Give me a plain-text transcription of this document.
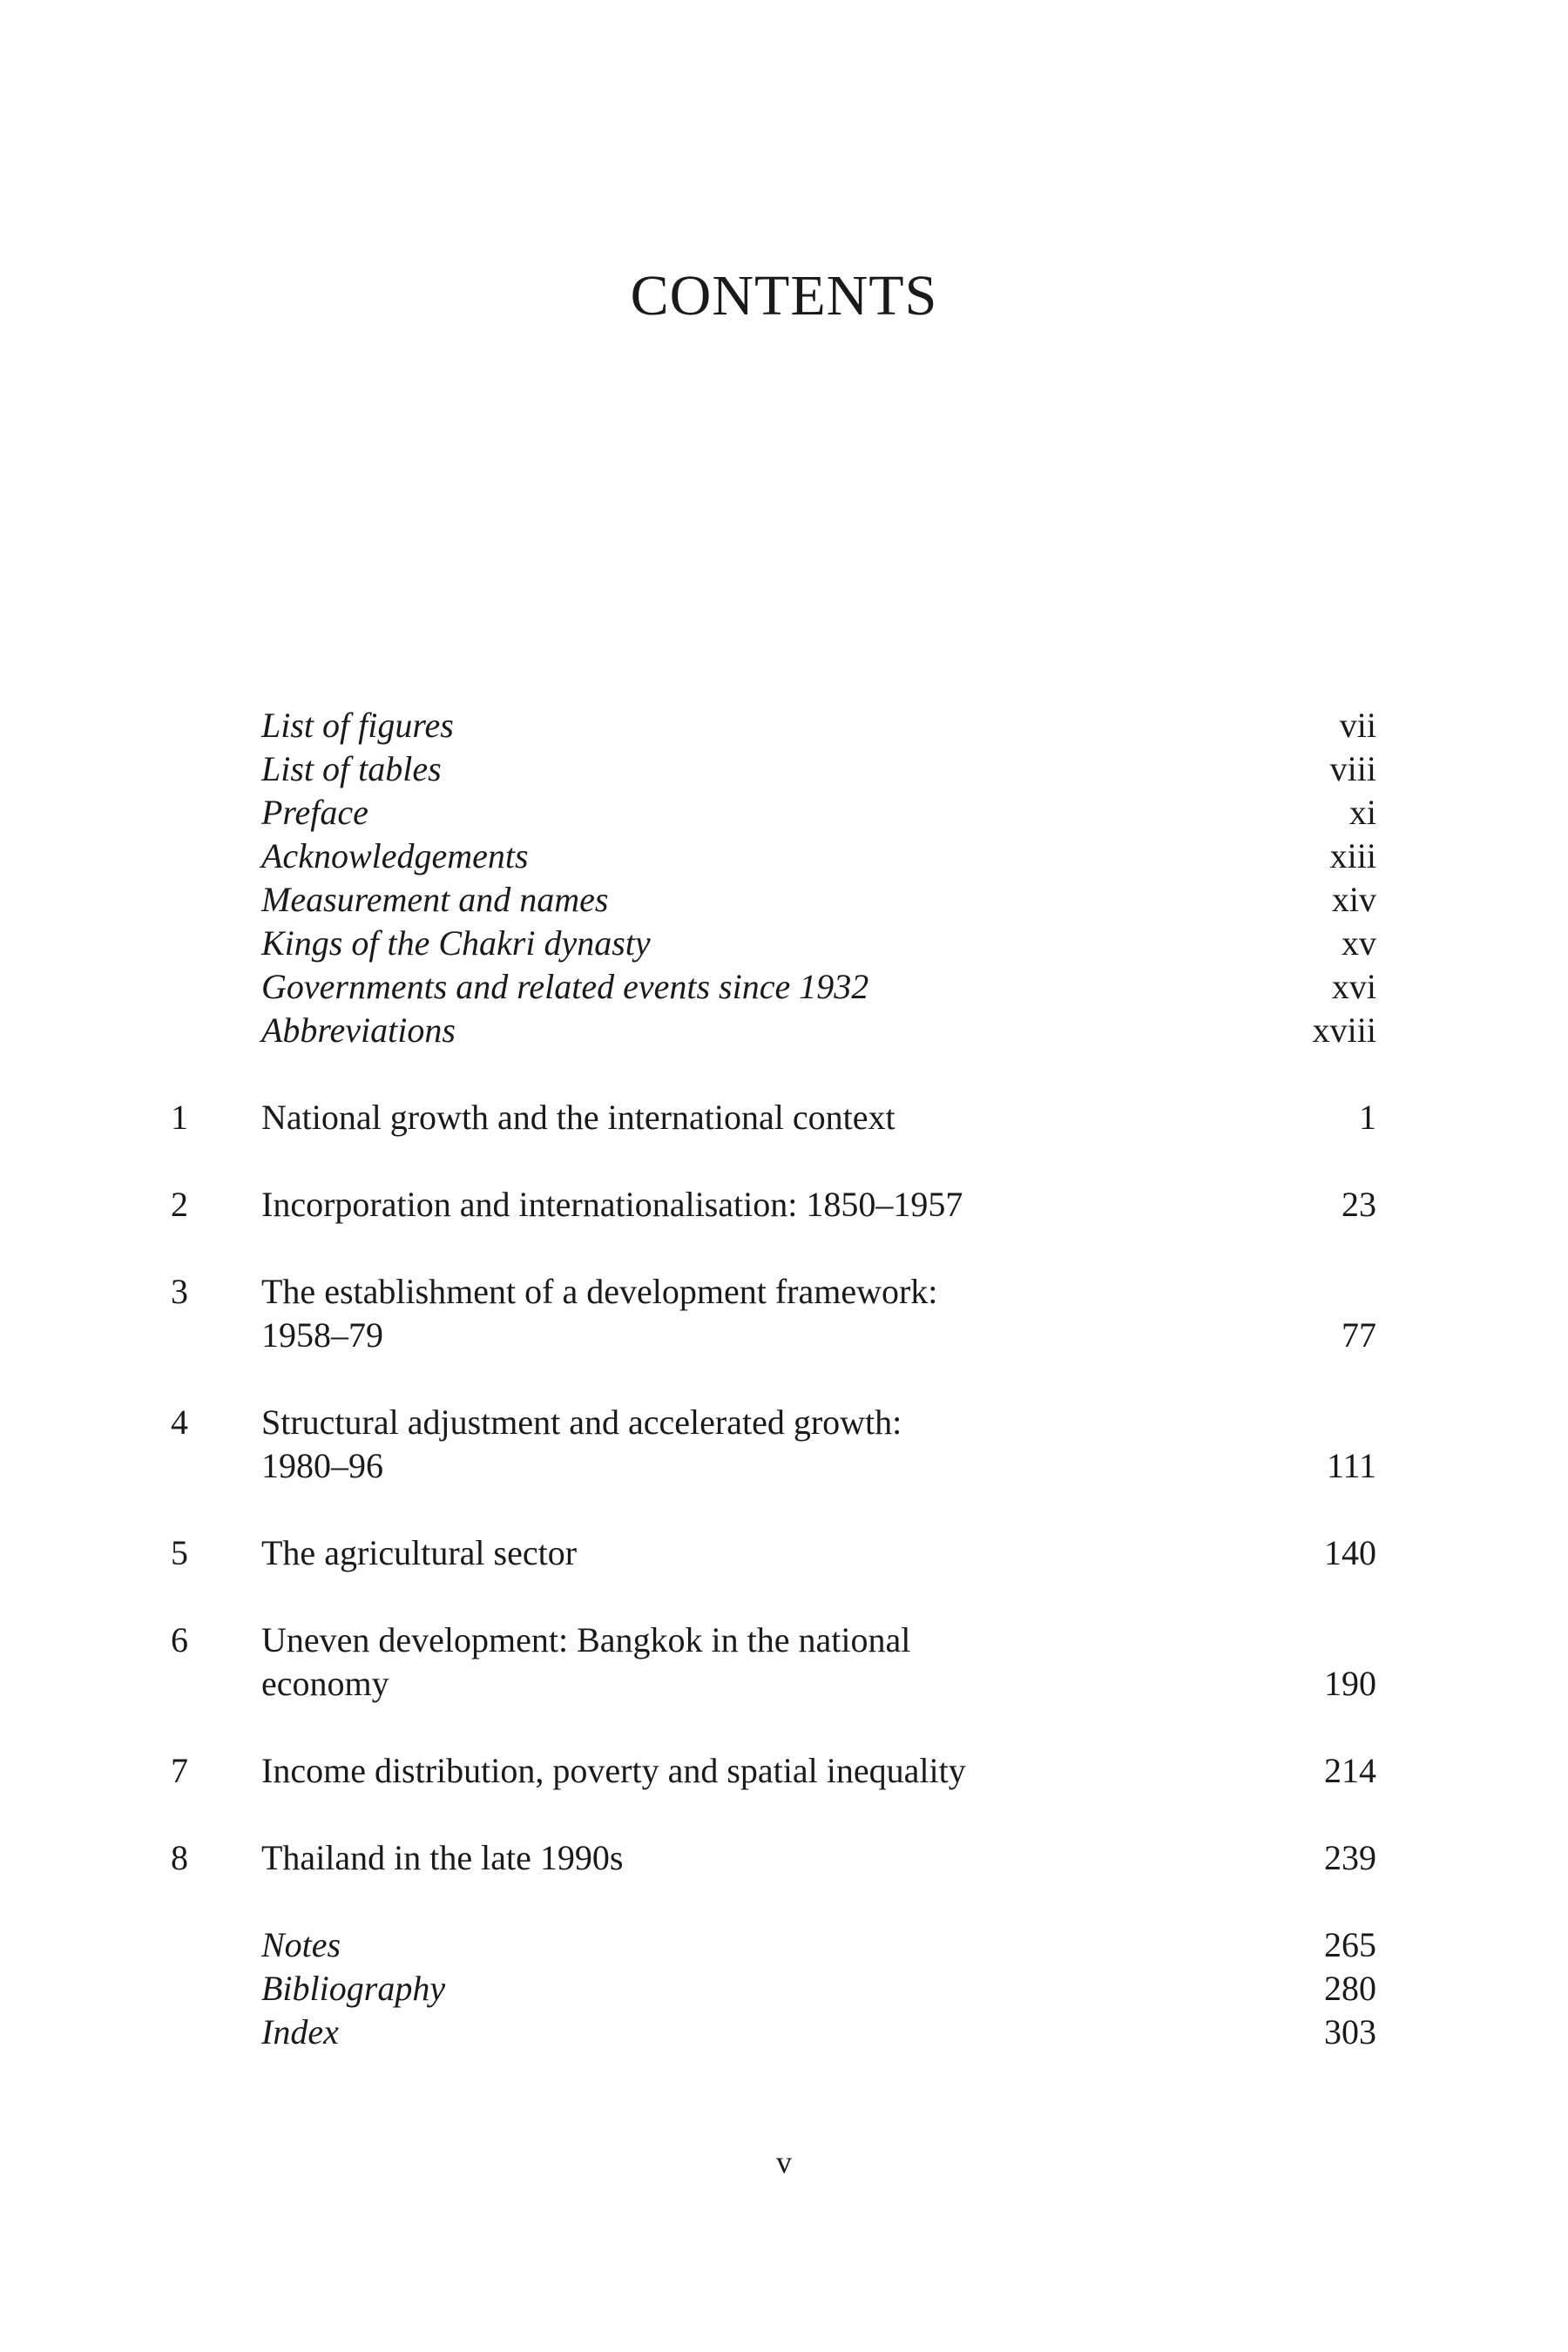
CONTENTS
List of figures	vii
List of tables	viii
Preface	xi
Acknowledgements	xiii
Measurement and names	xiv
Kings of the Chakri dynasty	xv
Governments and related events since 1932	xvi
Abbreviations	xviii
1	National growth and the international context	1
2	Incorporation and internationalisation: 1850–1957	23
3	The establishment of a development framework:
1958–79	77
4	Structural adjustment and accelerated growth:
1980–96	111
5	The agricultural sector	140
6	Uneven development: Bangkok in the national
economy	190
7	Income distribution, poverty and spatial inequality	214
8	Thailand in the late 1990s	239
Notes	265
Bibliography	280
Index	303
v
